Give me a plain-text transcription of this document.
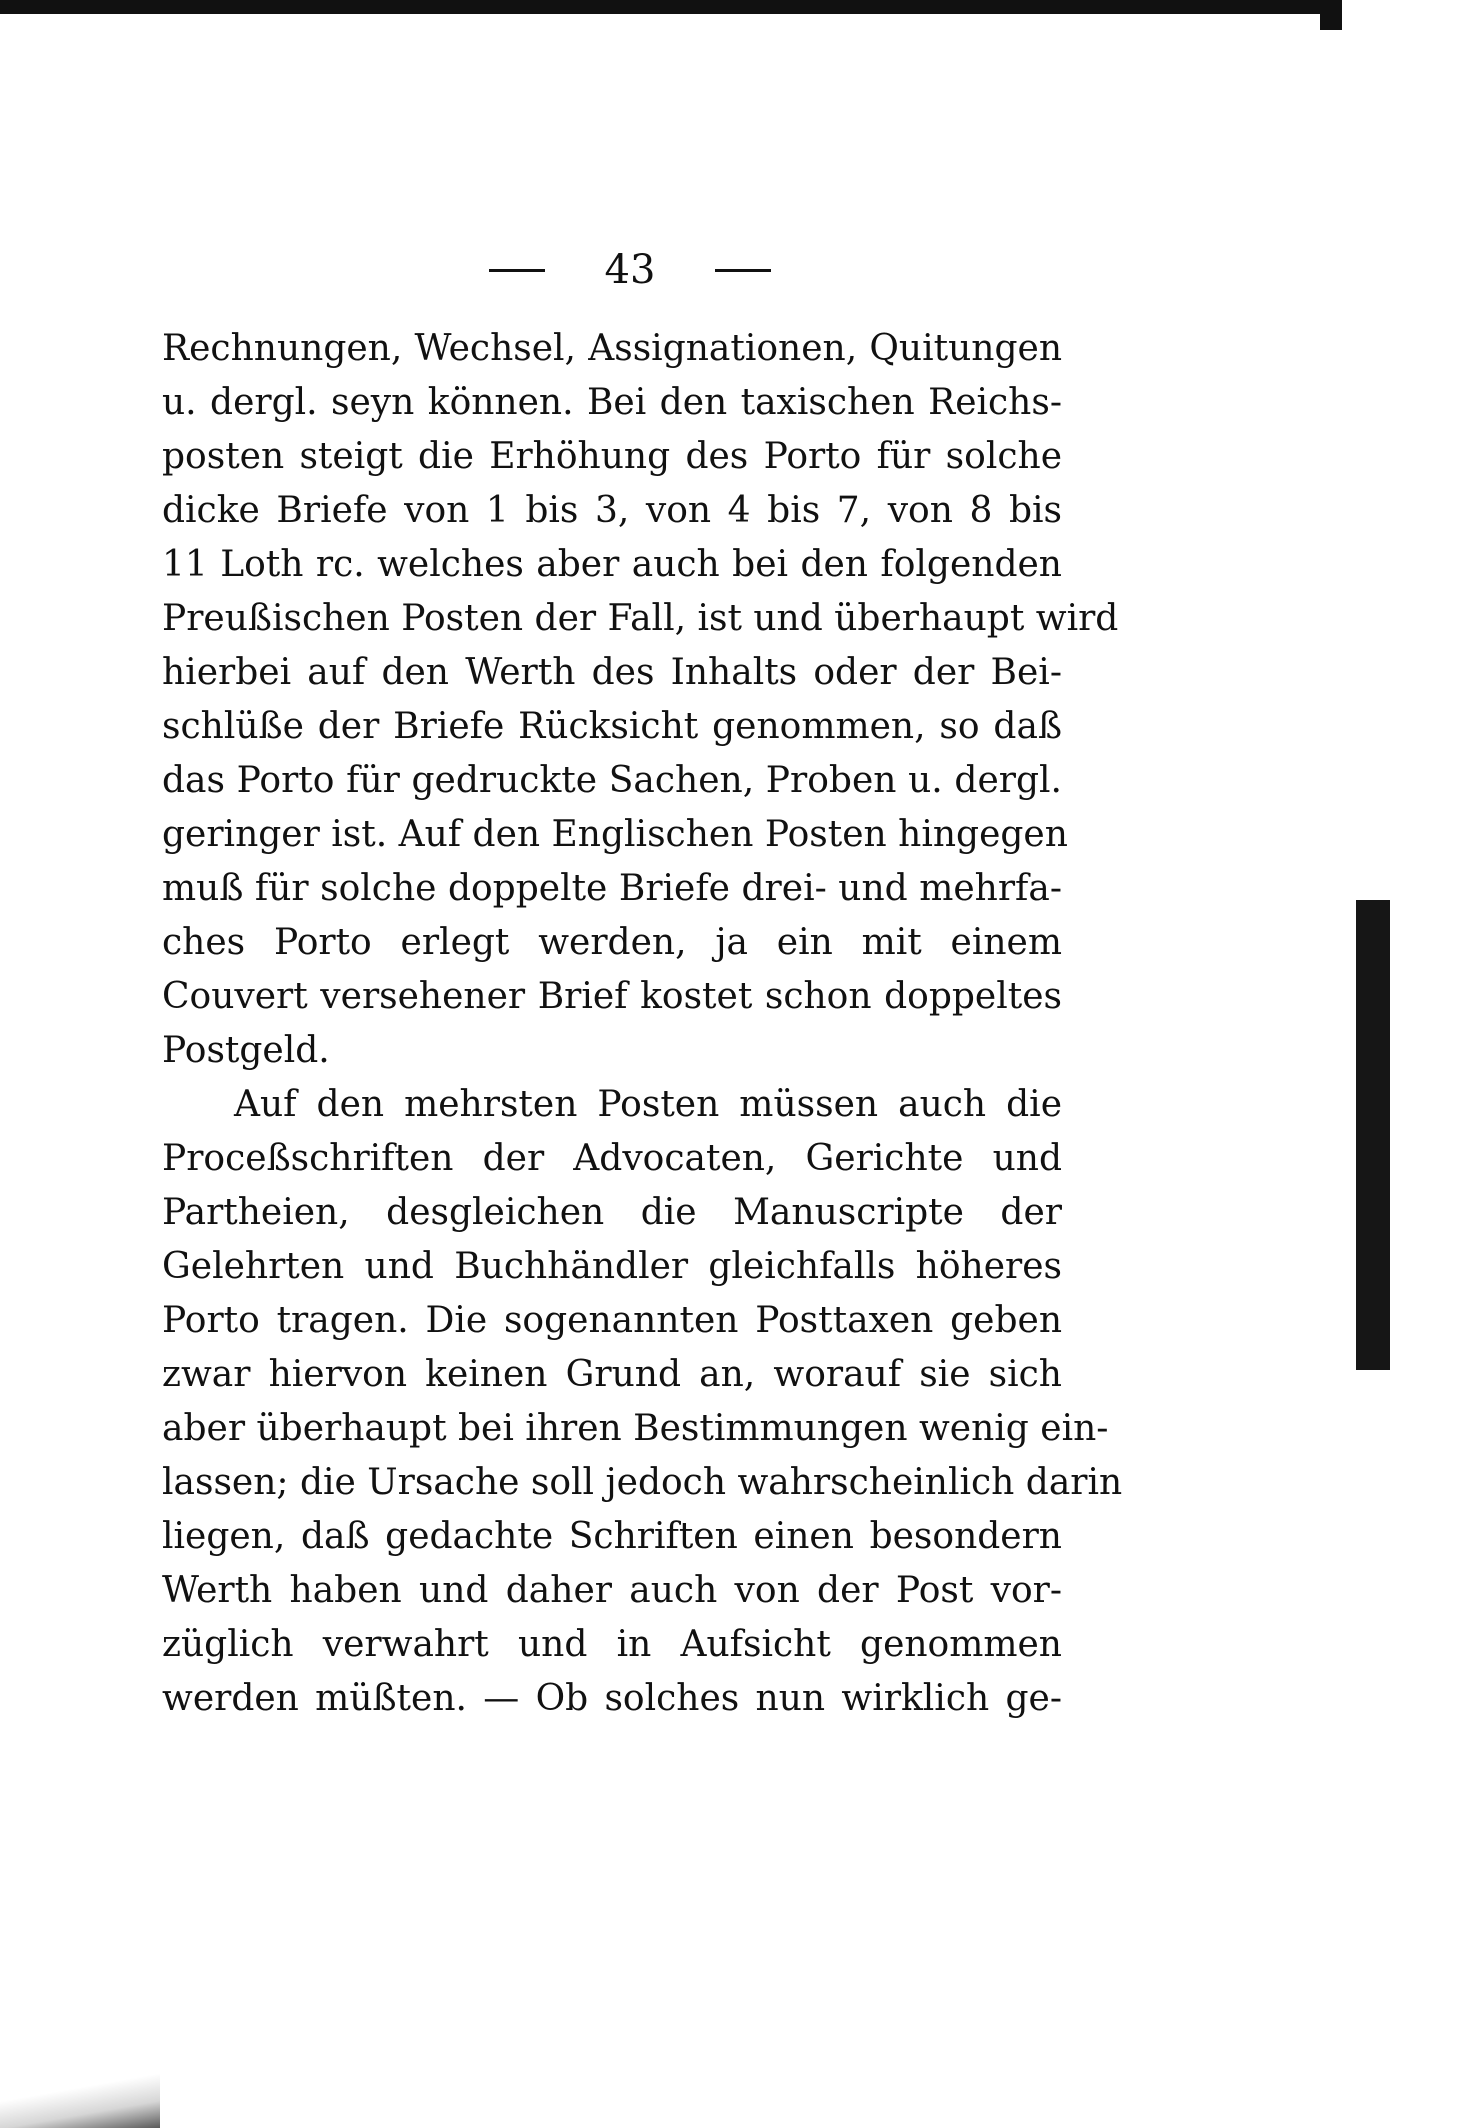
43
Rechnungen, Wechsel, Assignationen, Quitungen
u. dergl. seyn können. Bei den taxischen Reichs-
posten steigt die Erhöhung des Porto für solche
dicke Briefe von 1 bis 3, von 4 bis 7, von 8 bis
11 Loth rc. welches aber auch bei den folgenden
Preußischen Posten der Fall, ist und überhaupt wird
hierbei auf den Werth des Inhalts oder der Bei-
schlüße der Briefe Rücksicht genommen, so daß
das Porto für gedruckte Sachen, Proben u. dergl.
geringer ist. Auf den Englischen Posten hingegen
muß für solche doppelte Briefe drei- und mehrfa-
ches Porto erlegt werden, ja ein mit einem
Couvert versehener Brief kostet schon doppeltes
Postgeld.
Auf den mehrsten Posten müssen auch die
Proceßschriften der Advocaten, Gerichte und
Partheien, desgleichen die Manuscripte der
Gelehrten und Buchhändler gleichfalls höheres
Porto tragen. Die sogenannten Posttaxen geben
zwar hiervon keinen Grund an, worauf sie sich
aber überhaupt bei ihren Bestimmungen wenig ein-
lassen; die Ursache soll jedoch wahrscheinlich darin
liegen, daß gedachte Schriften einen besondern
Werth haben und daher auch von der Post vor-
züglich verwahrt und in Aufsicht genommen
werden müßten. — Ob solches nun wirklich ge-
